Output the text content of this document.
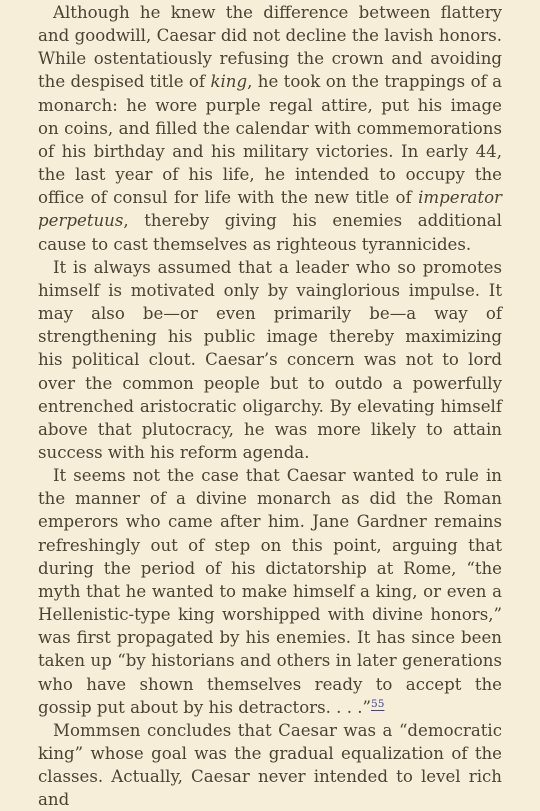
Although he knew the difference between flattery and goodwill, Caesar did not decline the lavish honors. While ostentatiously refusing the crown and avoiding the despised title of king, he took on the trappings of a monarch: he wore purple regal attire, put his image on coins, and filled the calendar with commemorations of his birthday and his military victories. In early 44, the last year of his life, he intended to occupy the office of consul for life with the new title of imperator perpetuus, thereby giving his enemies additional cause to cast themselves as righteous tyrannicides.

It is always assumed that a leader who so promotes himself is motivated only by vainglorious impulse. It may also be—or even primarily be—a way of strengthening his public image thereby maximizing his political clout. Caesar’s concern was not to lord over the common people but to outdo a powerfully entrenched aristocratic oligarchy. By elevating himself above that plutocracy, he was more likely to attain success with his reform agenda.

It seems not the case that Caesar wanted to rule in the manner of a divine monarch as did the Roman emperors who came after him. Jane Gardner remains refreshingly out of step on this point, arguing that during the period of his dictatorship at Rome, “the myth that he wanted to make himself a king, or even a Hellenistic-type king worshipped with divine honors,” was first propagated by his enemies. It has since been taken up “by historians and others in later generations who have shown themselves ready to accept the gossip put about by his detractors. . . .”$^{55}$

Mommsen concludes that Caesar was a “democratic king” whose goal was the gradual equalization of the classes. Actually, Caesar never intended to level rich and
